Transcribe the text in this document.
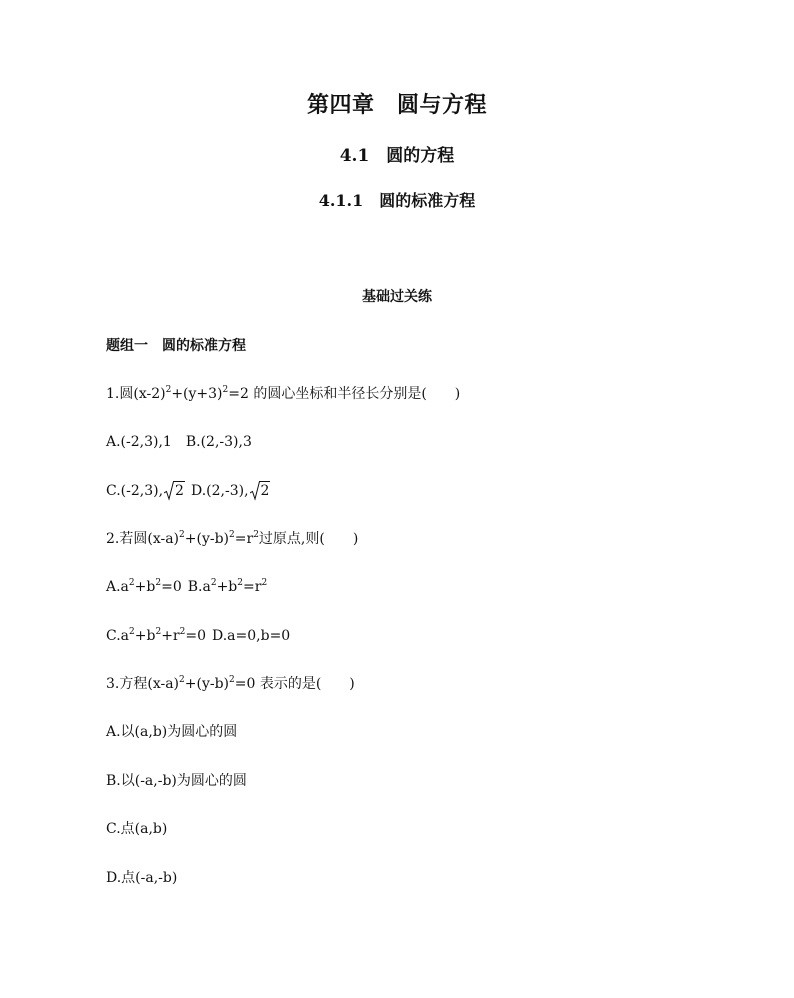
第四章　圆与方程
4.1　圆的方程
4.1.1　圆的标准方程
基础过关练
题组一　圆的标准方程
1.圆$(x-2)^2+(y+3)^2=2$ 的圆心坐标和半径长分别是(　　)
A.(-2,3),1　B.(2,-3),3
C.(-2,3), 2 D.(2,-3), 2
2.若圆$(x-a)^2+(y-b)^2=r^2$过原点,则(　　)
$A.a^2+b^2=0$ $B.a^2+b^2=r^2$
$C.a^2+b^2+r^2=0$ D.a=0,b=0
3.方程$(x-a)^2+(y-b)^2=0$ 表示的是(　　)
A.以(a,b)为圆心的圆
B.以(-a,-b)为圆心的圆
C.点(a,b)
D.点(-a,-b)
